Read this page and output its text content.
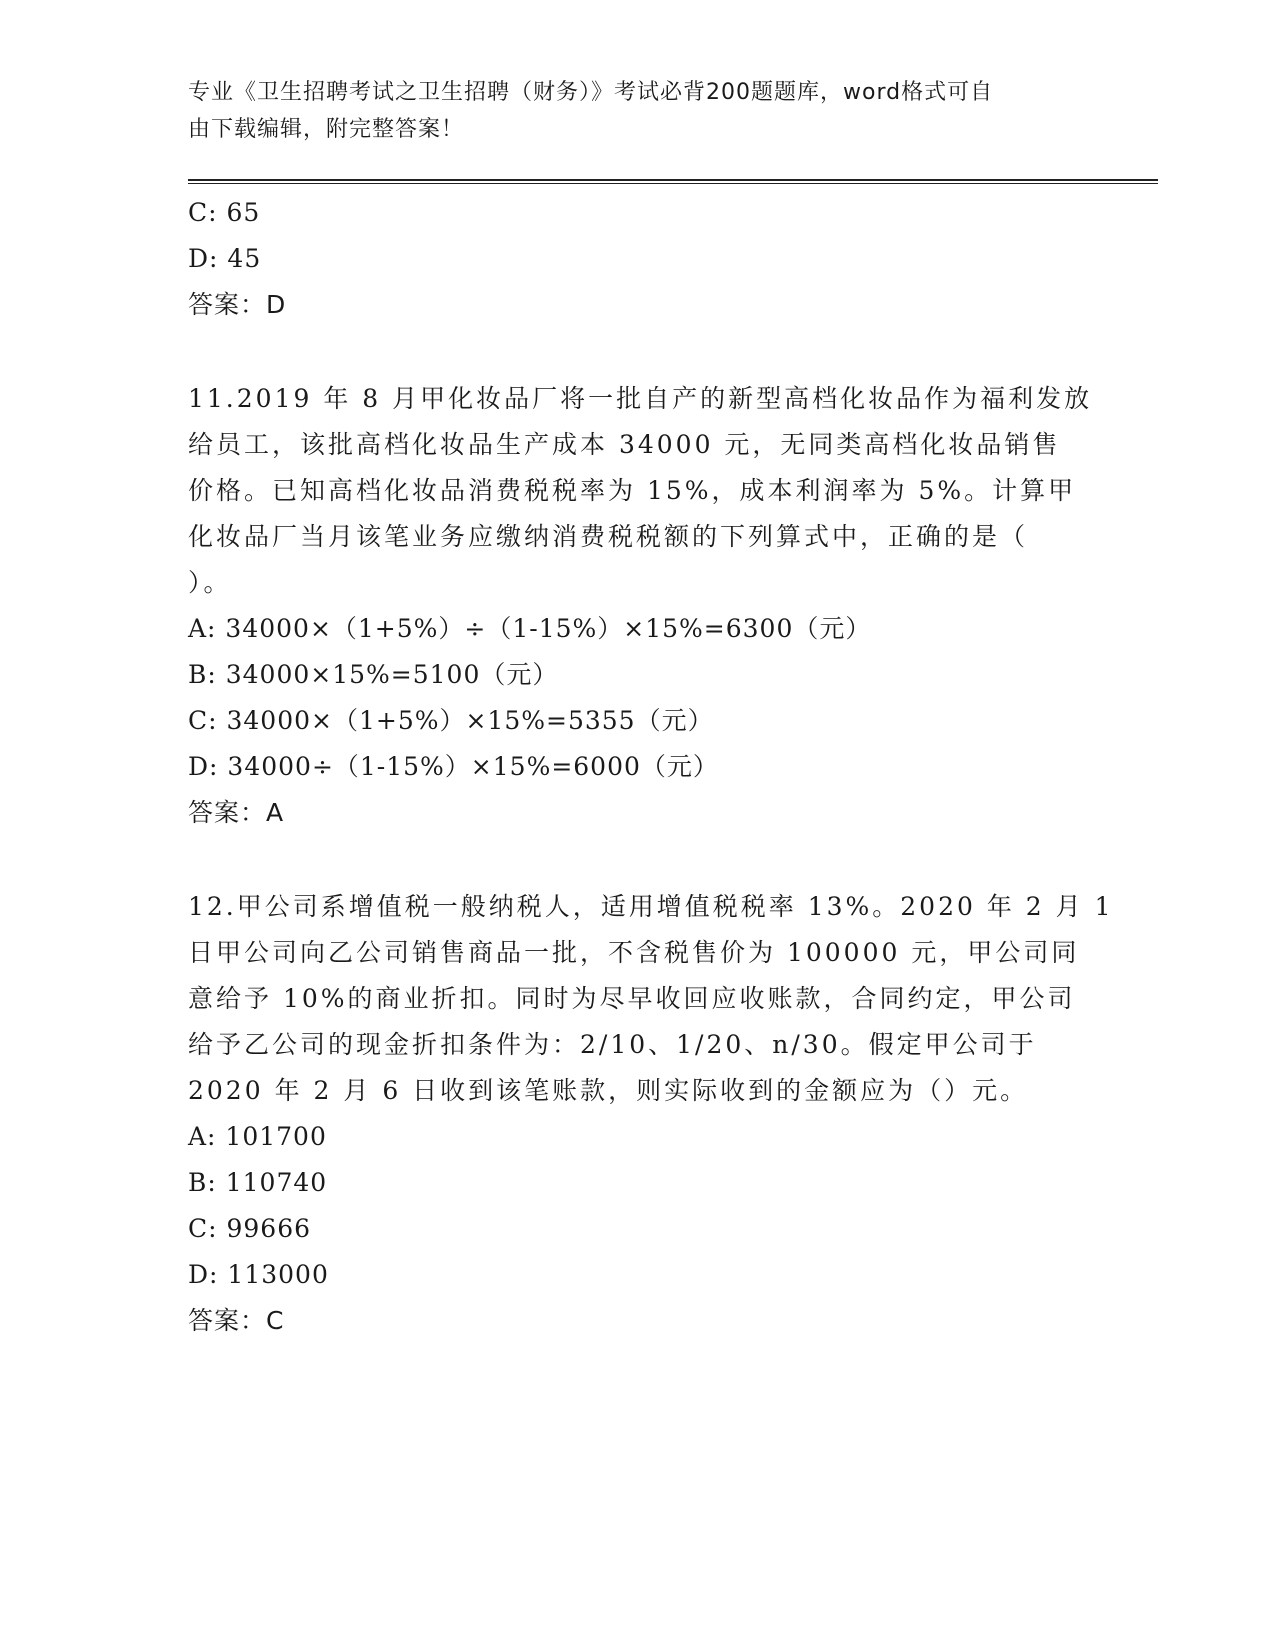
专业《卫生招聘考试之卫生招聘（财务）》考试必背200题题库，word格式可自
由下载编辑，附完整答案！
C: 65
D: 45
答案：D
11.2019 年 8 月甲化妆品厂将一批自产的新型高档化妆品作为福利发放
给员工，该批高档化妆品生产成本 34000 元，无同类高档化妆品销售
价格。已知高档化妆品消费税税率为 15%，成本利润率为 5%。计算甲
化妆品厂当月该笔业务应缴纳消费税税额的下列算式中，正确的是（
）。
A: 34000×（1+5%）÷（1-15%）×15%=6300（元）
B: 34000×15%=5100（元）
C: 34000×（1+5%）×15%=5355（元）
D: 34000÷（1-15%）×15%=6000（元）
答案：A
12.甲公司系增值税一般纳税人，适用增值税税率 13%。2020 年 2 月 1
日甲公司向乙公司销售商品一批，不含税售价为 100000 元，甲公司同
意给予 10%的商业折扣。同时为尽早收回应收账款，合同约定，甲公司
给予乙公司的现金折扣条件为：2/10、1/20、n/30。假定甲公司于
2020 年 2 月 6 日收到该笔账款，则实际收到的金额应为（）元。
A: 101700
B: 110740
C: 99666
D: 113000
答案：C
